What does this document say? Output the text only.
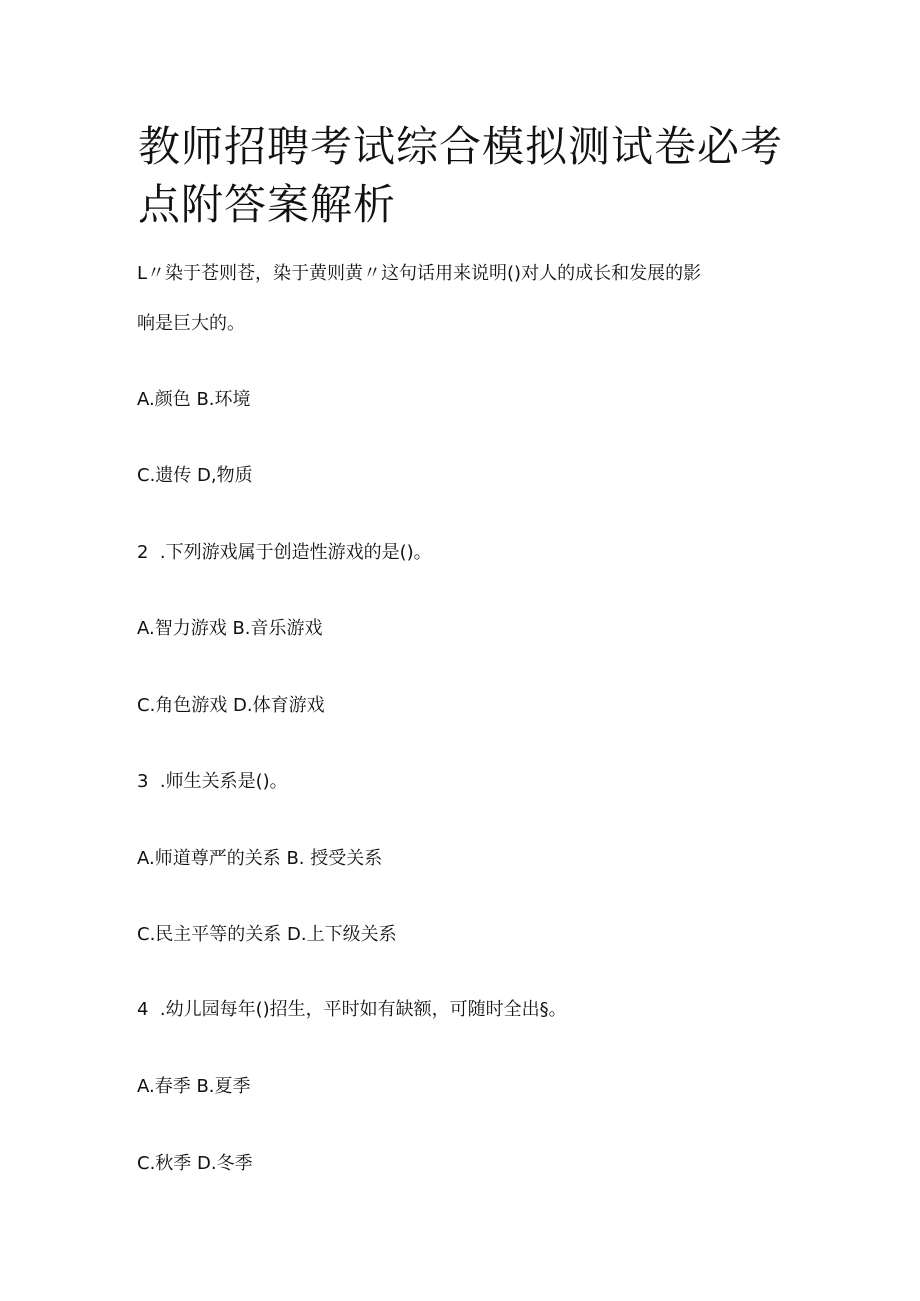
教师招聘考试综合模拟测试卷必考点附答案解析

L〃染于苍则苍，染于黄则黄〃这句话用来说明()对人的成长和发展的影

响是巨大的。

A.颜色 B.环境

C.遗传 D,物质

2  .下列游戏属于创造性游戏的是()。

A.智力游戏 B.音乐游戏

C.角色游戏 D.体育游戏

3  .师生关系是()。

A.师道尊严的关系 B. 授受关系

C.民主平等的关系 D.上下级关系

4  .幼儿园每年()招生，平时如有缺额，可随时全出§。

A.春季 B.夏季

C.秋季 D.冬季
